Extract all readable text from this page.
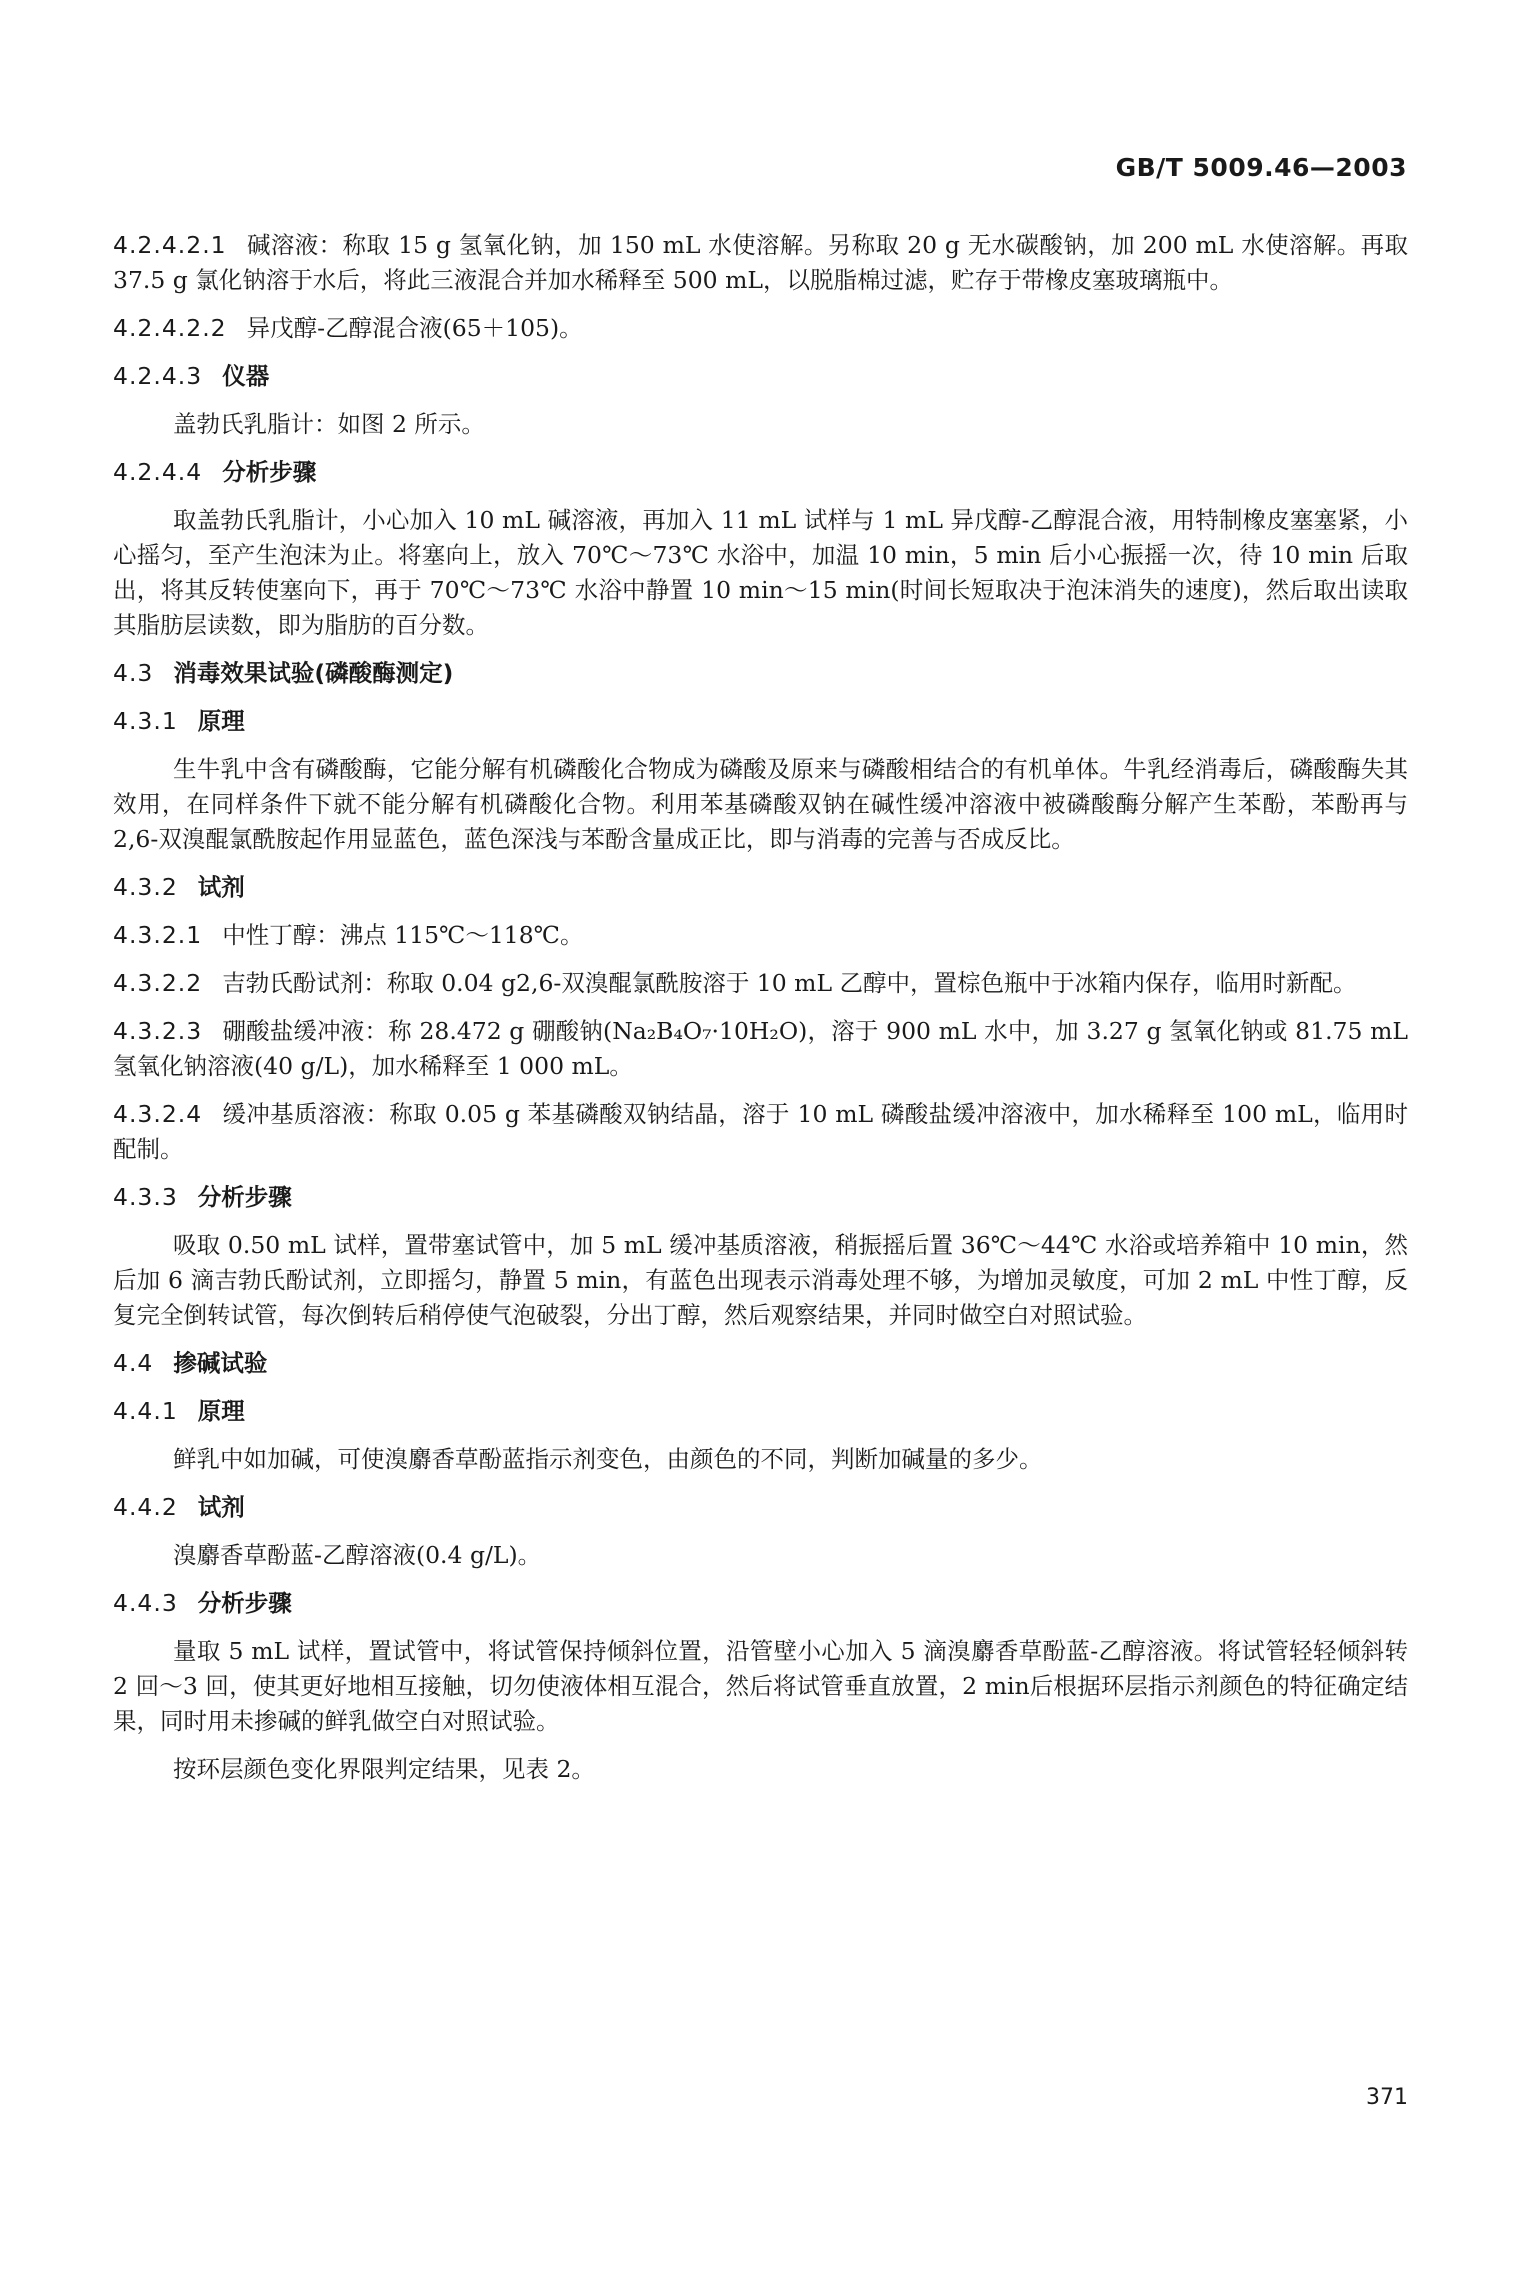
GB/T 5009.46—2003

4.2.4.2.1 碱溶液：称取 15 g 氢氧化钠，加 150 mL 水使溶解。另称取 20 g 无水碳酸钠，加 200 mL 水使溶解。再取 37.5 g 氯化钠溶于水后，将此三液混合并加水稀释至 500 mL，以脱脂棉过滤，贮存于带橡皮塞玻璃瓶中。

4.2.4.2.2 异戊醇-乙醇混合液(65＋105)。

4.2.4.3 仪器

盖勃氏乳脂计：如图 2 所示。

4.2.4.4 分析步骤

取盖勃氏乳脂计，小心加入 10 mL 碱溶液，再加入 11 mL 试样与 1 mL 异戊醇-乙醇混合液，用特制橡皮塞塞紧，小心摇匀，至产生泡沫为止。将塞向上，放入 70℃～73℃ 水浴中，加温 10 min，5 min 后小心振摇一次，待 10 min 后取出，将其反转使塞向下，再于 70℃～73℃ 水浴中静置 10 min～15 min(时间长短取决于泡沫消失的速度)，然后取出读取其脂肪层读数，即为脂肪的百分数。

4.3 消毒效果试验(磷酸酶测定)

4.3.1 原理

生牛乳中含有磷酸酶，它能分解有机磷酸化合物成为磷酸及原来与磷酸相结合的有机单体。牛乳经消毒后，磷酸酶失其效用，在同样条件下就不能分解有机磷酸化合物。利用苯基磷酸双钠在碱性缓冲溶液中被磷酸酶分解产生苯酚，苯酚再与 2,6-双溴醌氯酰胺起作用显蓝色，蓝色深浅与苯酚含量成正比，即与消毒的完善与否成反比。

4.3.2 试剂

4.3.2.1 中性丁醇：沸点 115℃～118℃。

4.3.2.2 吉勃氏酚试剂：称取 0.04 g2,6-双溴醌氯酰胺溶于 10 mL 乙醇中，置棕色瓶中于冰箱内保存，临用时新配。

4.3.2.3 硼酸盐缓冲液：称 28.472 g 硼酸钠(Na₂B₄O₇·10H₂O)，溶于 900 mL 水中，加 3.27 g 氢氧化钠或 81.75 mL 氢氧化钠溶液(40 g/L)，加水稀释至 1 000 mL。

4.3.2.4 缓冲基质溶液：称取 0.05 g 苯基磷酸双钠结晶，溶于 10 mL 磷酸盐缓冲溶液中，加水稀释至 100 mL，临用时配制。

4.3.3 分析步骤

吸取 0.50 mL 试样，置带塞试管中，加 5 mL 缓冲基质溶液，稍振摇后置 36℃～44℃ 水浴或培养箱中 10 min，然后加 6 滴吉勃氏酚试剂，立即摇匀，静置 5 min，有蓝色出现表示消毒处理不够，为增加灵敏度，可加 2 mL 中性丁醇，反复完全倒转试管，每次倒转后稍停使气泡破裂，分出丁醇，然后观察结果，并同时做空白对照试验。

4.4 掺碱试验

4.4.1 原理

鲜乳中如加碱，可使溴麝香草酚蓝指示剂变色，由颜色的不同，判断加碱量的多少。

4.4.2 试剂

溴麝香草酚蓝-乙醇溶液(0.4 g/L)。

4.4.3 分析步骤

量取 5 mL 试样，置试管中，将试管保持倾斜位置，沿管壁小心加入 5 滴溴麝香草酚蓝-乙醇溶液。将试管轻轻倾斜转 2 回～3 回，使其更好地相互接触，切勿使液体相互混合，然后将试管垂直放置，2 min后根据环层指示剂颜色的特征确定结果，同时用未掺碱的鲜乳做空白对照试验。

按环层颜色变化界限判定结果，见表 2。

371
